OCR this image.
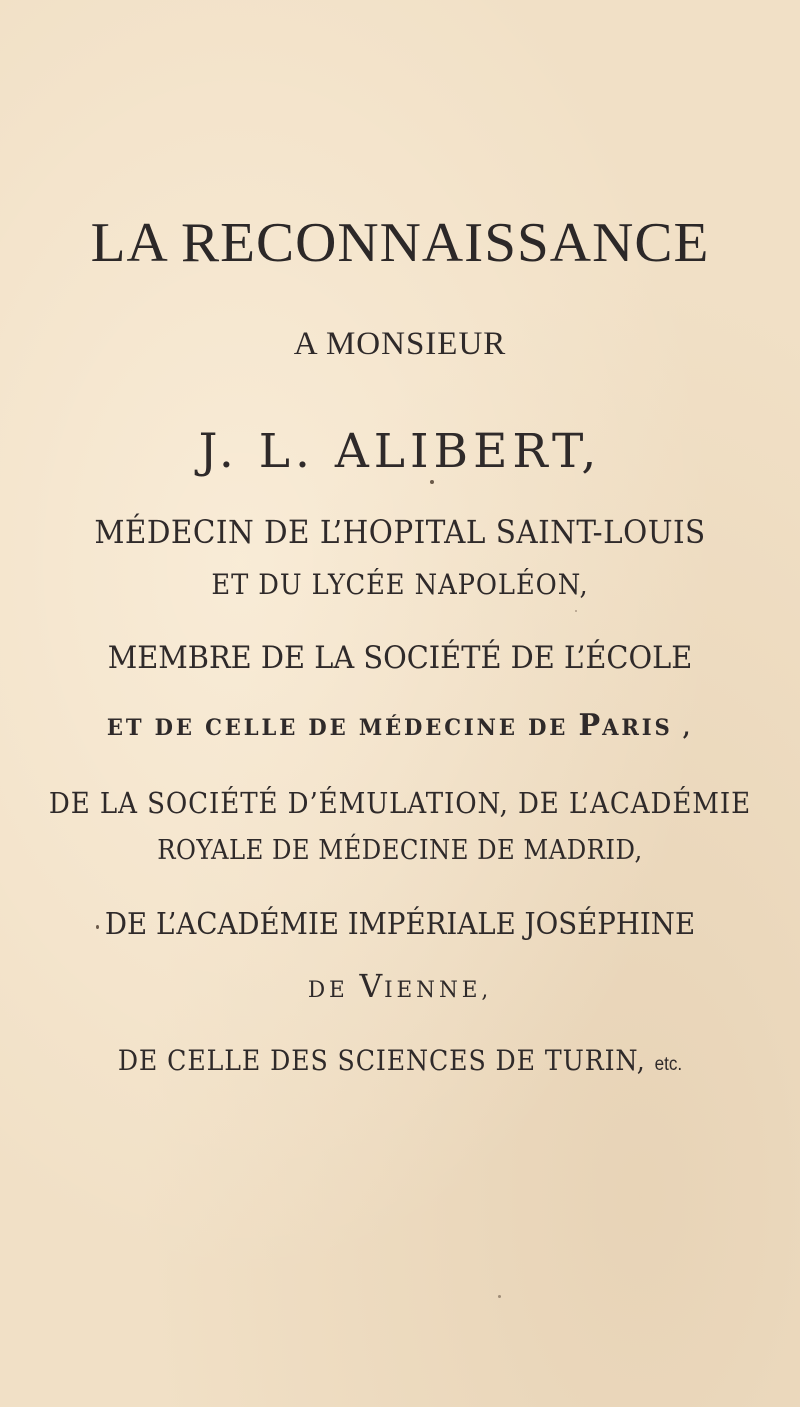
LA RECONNAISSANCE
A MONSIEUR
J. L. ALIBERT,
MÉDECIN DE L’HOPITAL SAINT-LOUIS
ET DU LYCÉE NAPOLÉON,
MEMBRE DE LA SOCIÉTÉ DE L’ÉCOLE
ET DE CELLE DE MÉDECINE DE PARIS ,
DE LA SOCIÉTÉ D’ÉMULATION, DE L’ACADÉMIE
ROYALE DE MÉDECINE DE MADRID,
DE L’ACADÉMIE IMPÉRIALE JOSÉPHINE
DE VIENNE,
DE CELLE DES SCIENCES DE TURIN, etc.
